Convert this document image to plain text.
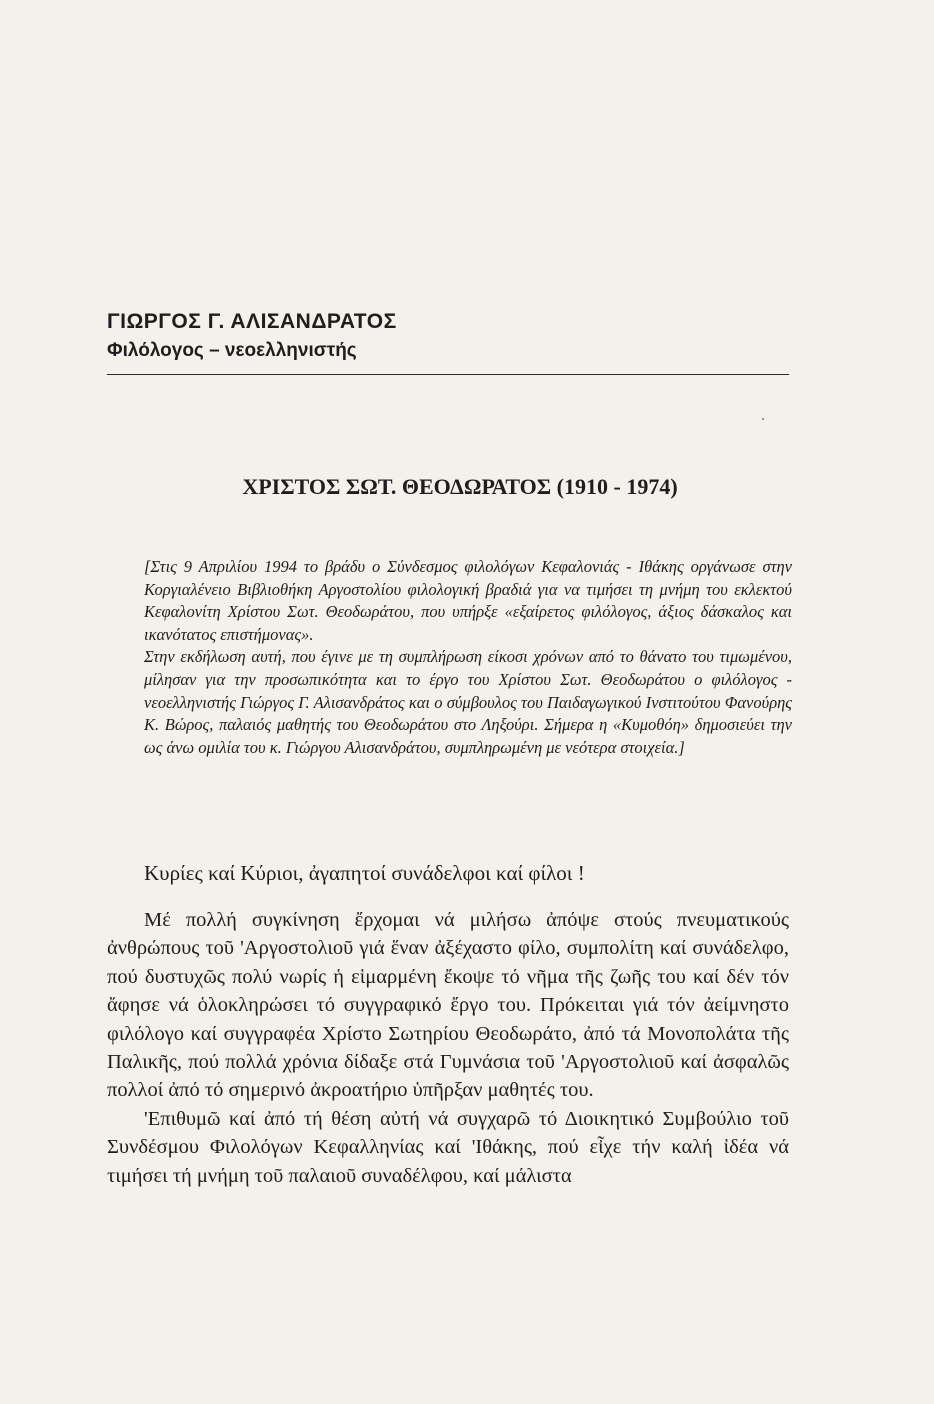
ΓΙΩΡΓΟΣ Γ. ΑΛΙΣΑΝΔΡΑΤΟΣ

Φιλόλογος – νεοελληνιστής

ΧΡΙΣΤΟΣ ΣΩΤ. ΘΕΟΔΩΡΑΤΟΣ (1910 - 1974)

[Στις 9 Απριλίου 1994 το βράδυ ο Σύνδεσμος φιλολόγων Κεφαλονιάς - Ιθάκης οργάνωσε στην Κοργιαλένειο Βιβλιοθήκη Αργοστολίου φιλολογική βραδιά για να τιμήσει τη μνήμη του εκλεκτού Κεφαλονίτη Χρίστου Σωτ. Θεοδωράτου, που υπήρξε «εξαίρετος φιλόλογος, άξιος δάσκαλος και ικανότατος επιστήμονας».

Στην εκδήλωση αυτή, που έγινε με τη συμπλήρωση είκοσι χρόνων από το θάνατο του τιμωμένου, μίλησαν για την προσωπικότητα και το έργο του Χρίστου Σωτ. Θεοδωράτου ο φιλόλογος - νεοελληνιστής Γιώργος Γ. Αλισανδράτος και ο σύμβουλος του Παιδαγωγικού Ινστιτούτου Φανούρης Κ. Βώρος, παλαιός μαθητής του Θεοδωράτου στο Ληξούρι. Σήμερα η «Κυμοθόη» δημοσιεύει την ως άνω ομιλία του κ. Γιώργου Αλισανδράτου, συμπληρωμένη με νεότερα στοιχεία.]

Κυρίες καί Κύριοι, ἀγαπητοί συνάδελφοι καί φίλοι !

Μέ πολλή συγκίνηση ἔρχομαι νά μιλήσω ἀπόψε στούς πνευματικούς ἀνθρώπους τοῦ 'Αργοστολιοῦ γιά ἕναν ἀξέχαστο φίλο, συμπολίτη καί συνάδελφο, πού δυστυχῶς πολύ νωρίς ἡ εἱμαρμένη ἔκοψε τό νῆμα τῆς ζωῆς του καί δέν τόν ἄφησε νά ὁλοκληρώσει τό συγγραφικό ἔργο του. Πρόκειται γιά τόν ἀείμνηστο φιλόλογο καί συγγραφέα Χρίστο Σωτηρίου Θεοδωράτο, ἀπό τά Μονοπολάτα τῆς Παλικῆς, πού πολλά χρόνια δίδαξε στά Γυμνάσια τοῦ 'Αργοστολιοῦ καί ἀσφαλῶς πολλοί ἀπό τό σημερινό ἀκροατήριο ὑπῆρξαν μαθητές του.

'Επιθυμῶ καί ἀπό τή θέση αὐτή νά συγχαρῶ τό Διοικητικό Συμβούλιο τοῦ Συνδέσμου Φιλολόγων Κεφαλληνίας καί 'Ιθάκης, πού εἶχε τήν καλή ἰδέα νά τιμήσει τή μνήμη τοῦ παλαιοῦ συναδέλφου, καί μάλιστα
